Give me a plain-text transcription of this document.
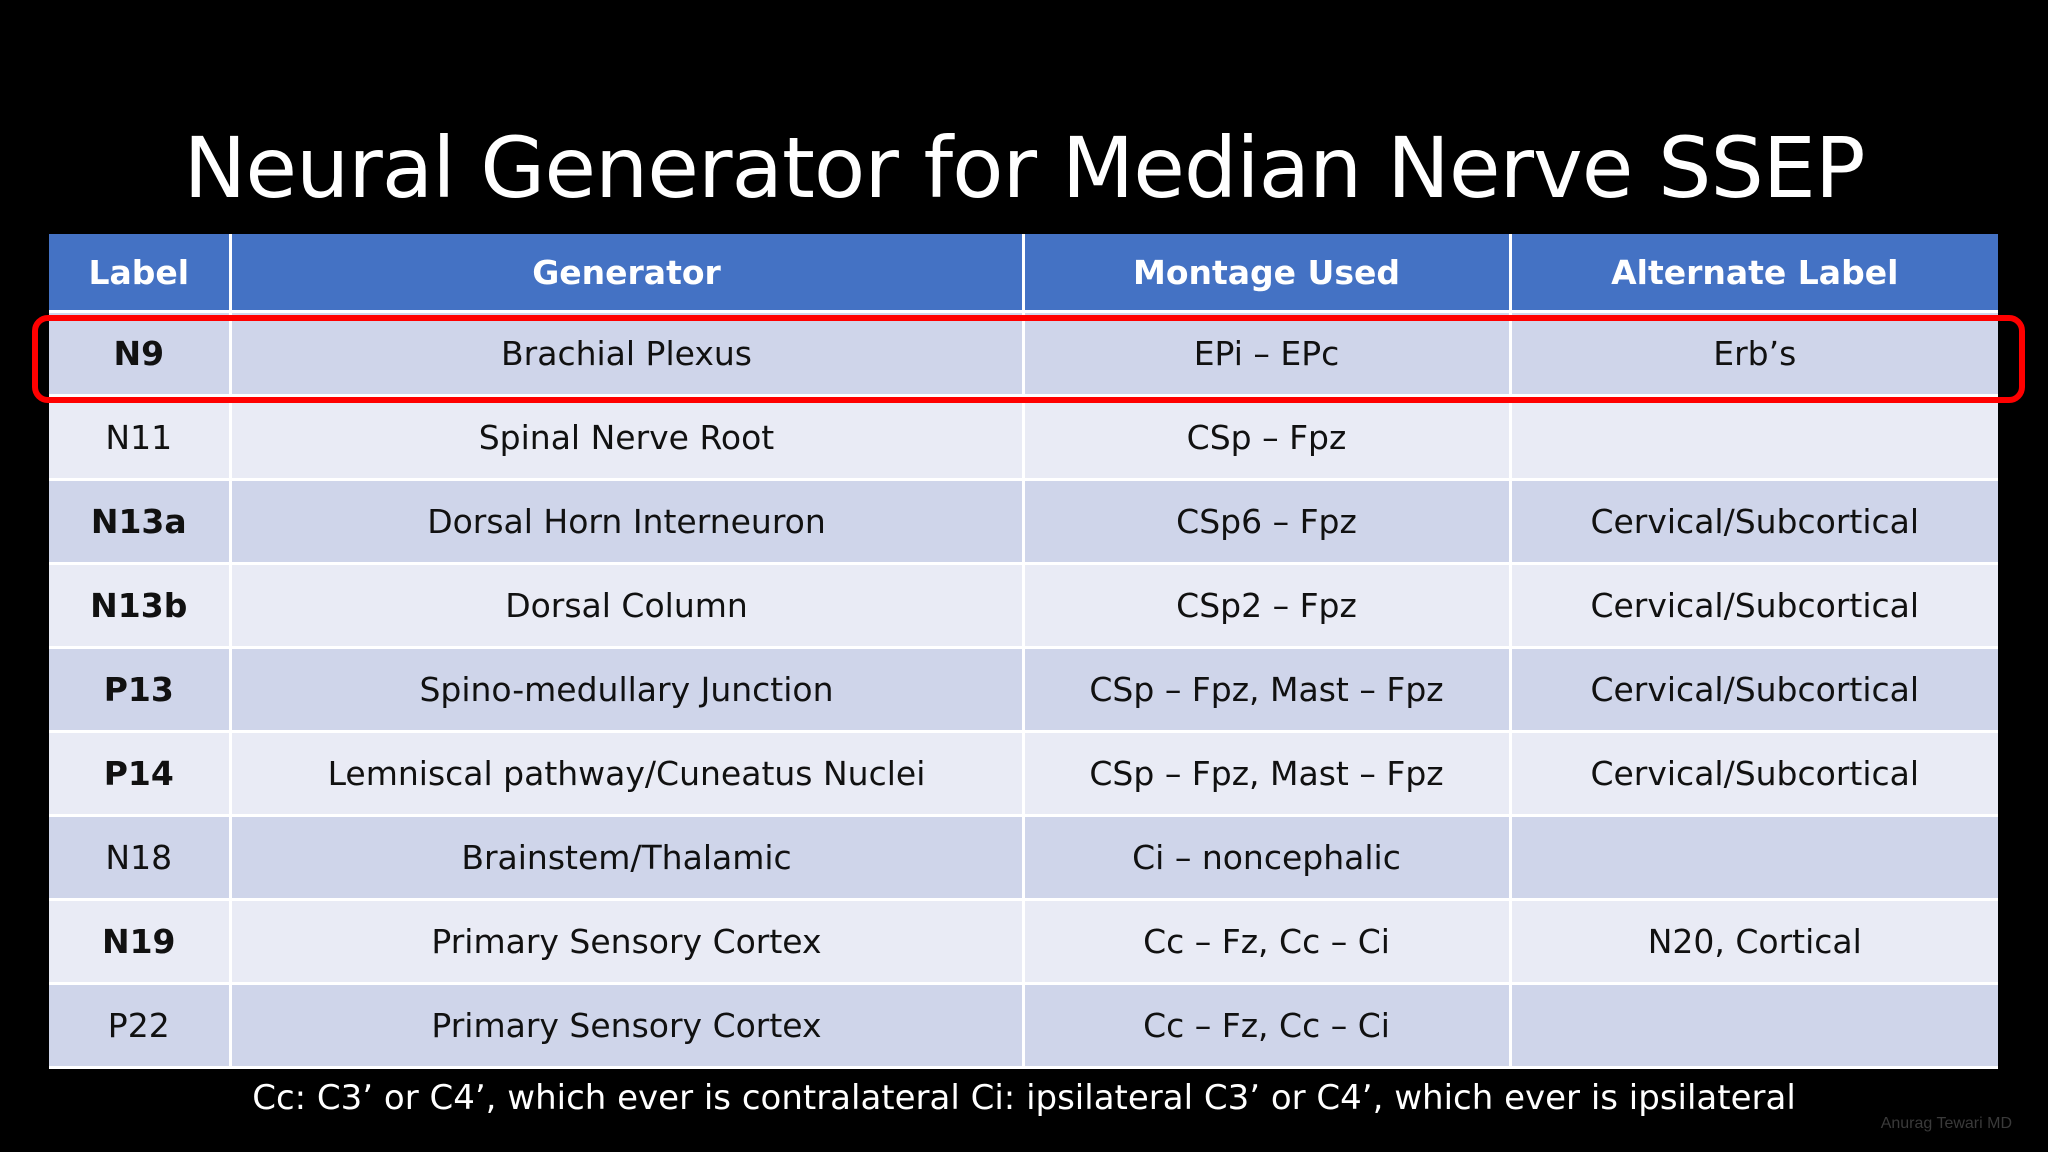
Neural Generator for Median Nerve SSEP
Label	Generator	Montage Used	Alternate Label
N9	Brachial Plexus	EPi – EPc	Erb’s
N11	Spinal Nerve Root	CSp – Fpz	
N13a	Dorsal Horn Interneuron	CSp6 – Fpz	Cervical/Subcortical
N13b	Dorsal Column	CSp2 – Fpz	Cervical/Subcortical
P13	Spino-medullary Junction	CSp – Fpz, Mast – Fpz	Cervical/Subcortical
P14	Lemniscal pathway/Cuneatus Nuclei	CSp – Fpz, Mast – Fpz	Cervical/Subcortical
N18	Brainstem/Thalamic	Ci – noncephalic	
N19	Primary Sensory Cortex	Cc – Fz, Cc – Ci	N20, Cortical
P22	Primary Sensory Cortex	Cc – Fz, Cc – Ci	
Cc: C3’ or C4’, which ever is contralateral Ci: ipsilateral C3’ or C4’, which ever is ipsilateral
Anurag Tewari MD
